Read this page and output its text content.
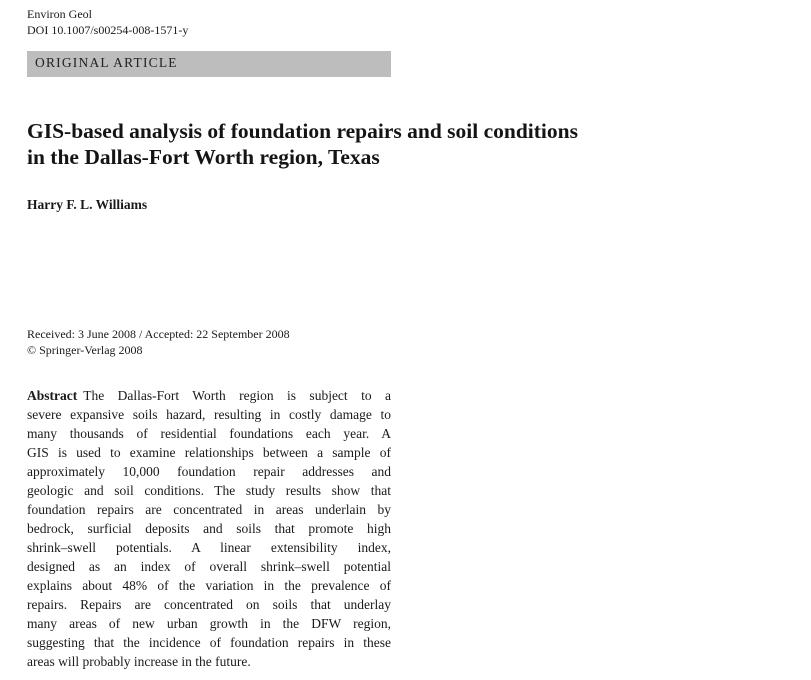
Environ Geol
DOI 10.1007/s00254-008-1571-y
ORIGINAL ARTICLE
GIS-based analysis of foundation repairs and soil conditions
in the Dallas-Fort Worth region, Texas
Harry F. L. Williams
Received: 3 June 2008 / Accepted: 22 September 2008
© Springer-Verlag 2008
Abstract The Dallas-Fort Worth region is subject to a
severe expansive soils hazard, resulting in costly damage to
many thousands of residential foundations each year. A
GIS is used to examine relationships between a sample of
approximately 10,000 foundation repair addresses and
geologic and soil conditions. The study results show that
foundation repairs are concentrated in areas underlain by
bedrock, surficial deposits and soils that promote high
shrink–swell potentials. A linear extensibility index,
designed as an index of overall shrink–swell potential
explains about 48% of the variation in the prevalence of
repairs. Repairs are concentrated on soils that underlay
many areas of new urban growth in the DFW region,
suggesting that the incidence of foundation repairs in these
areas will probably increase in the future.
